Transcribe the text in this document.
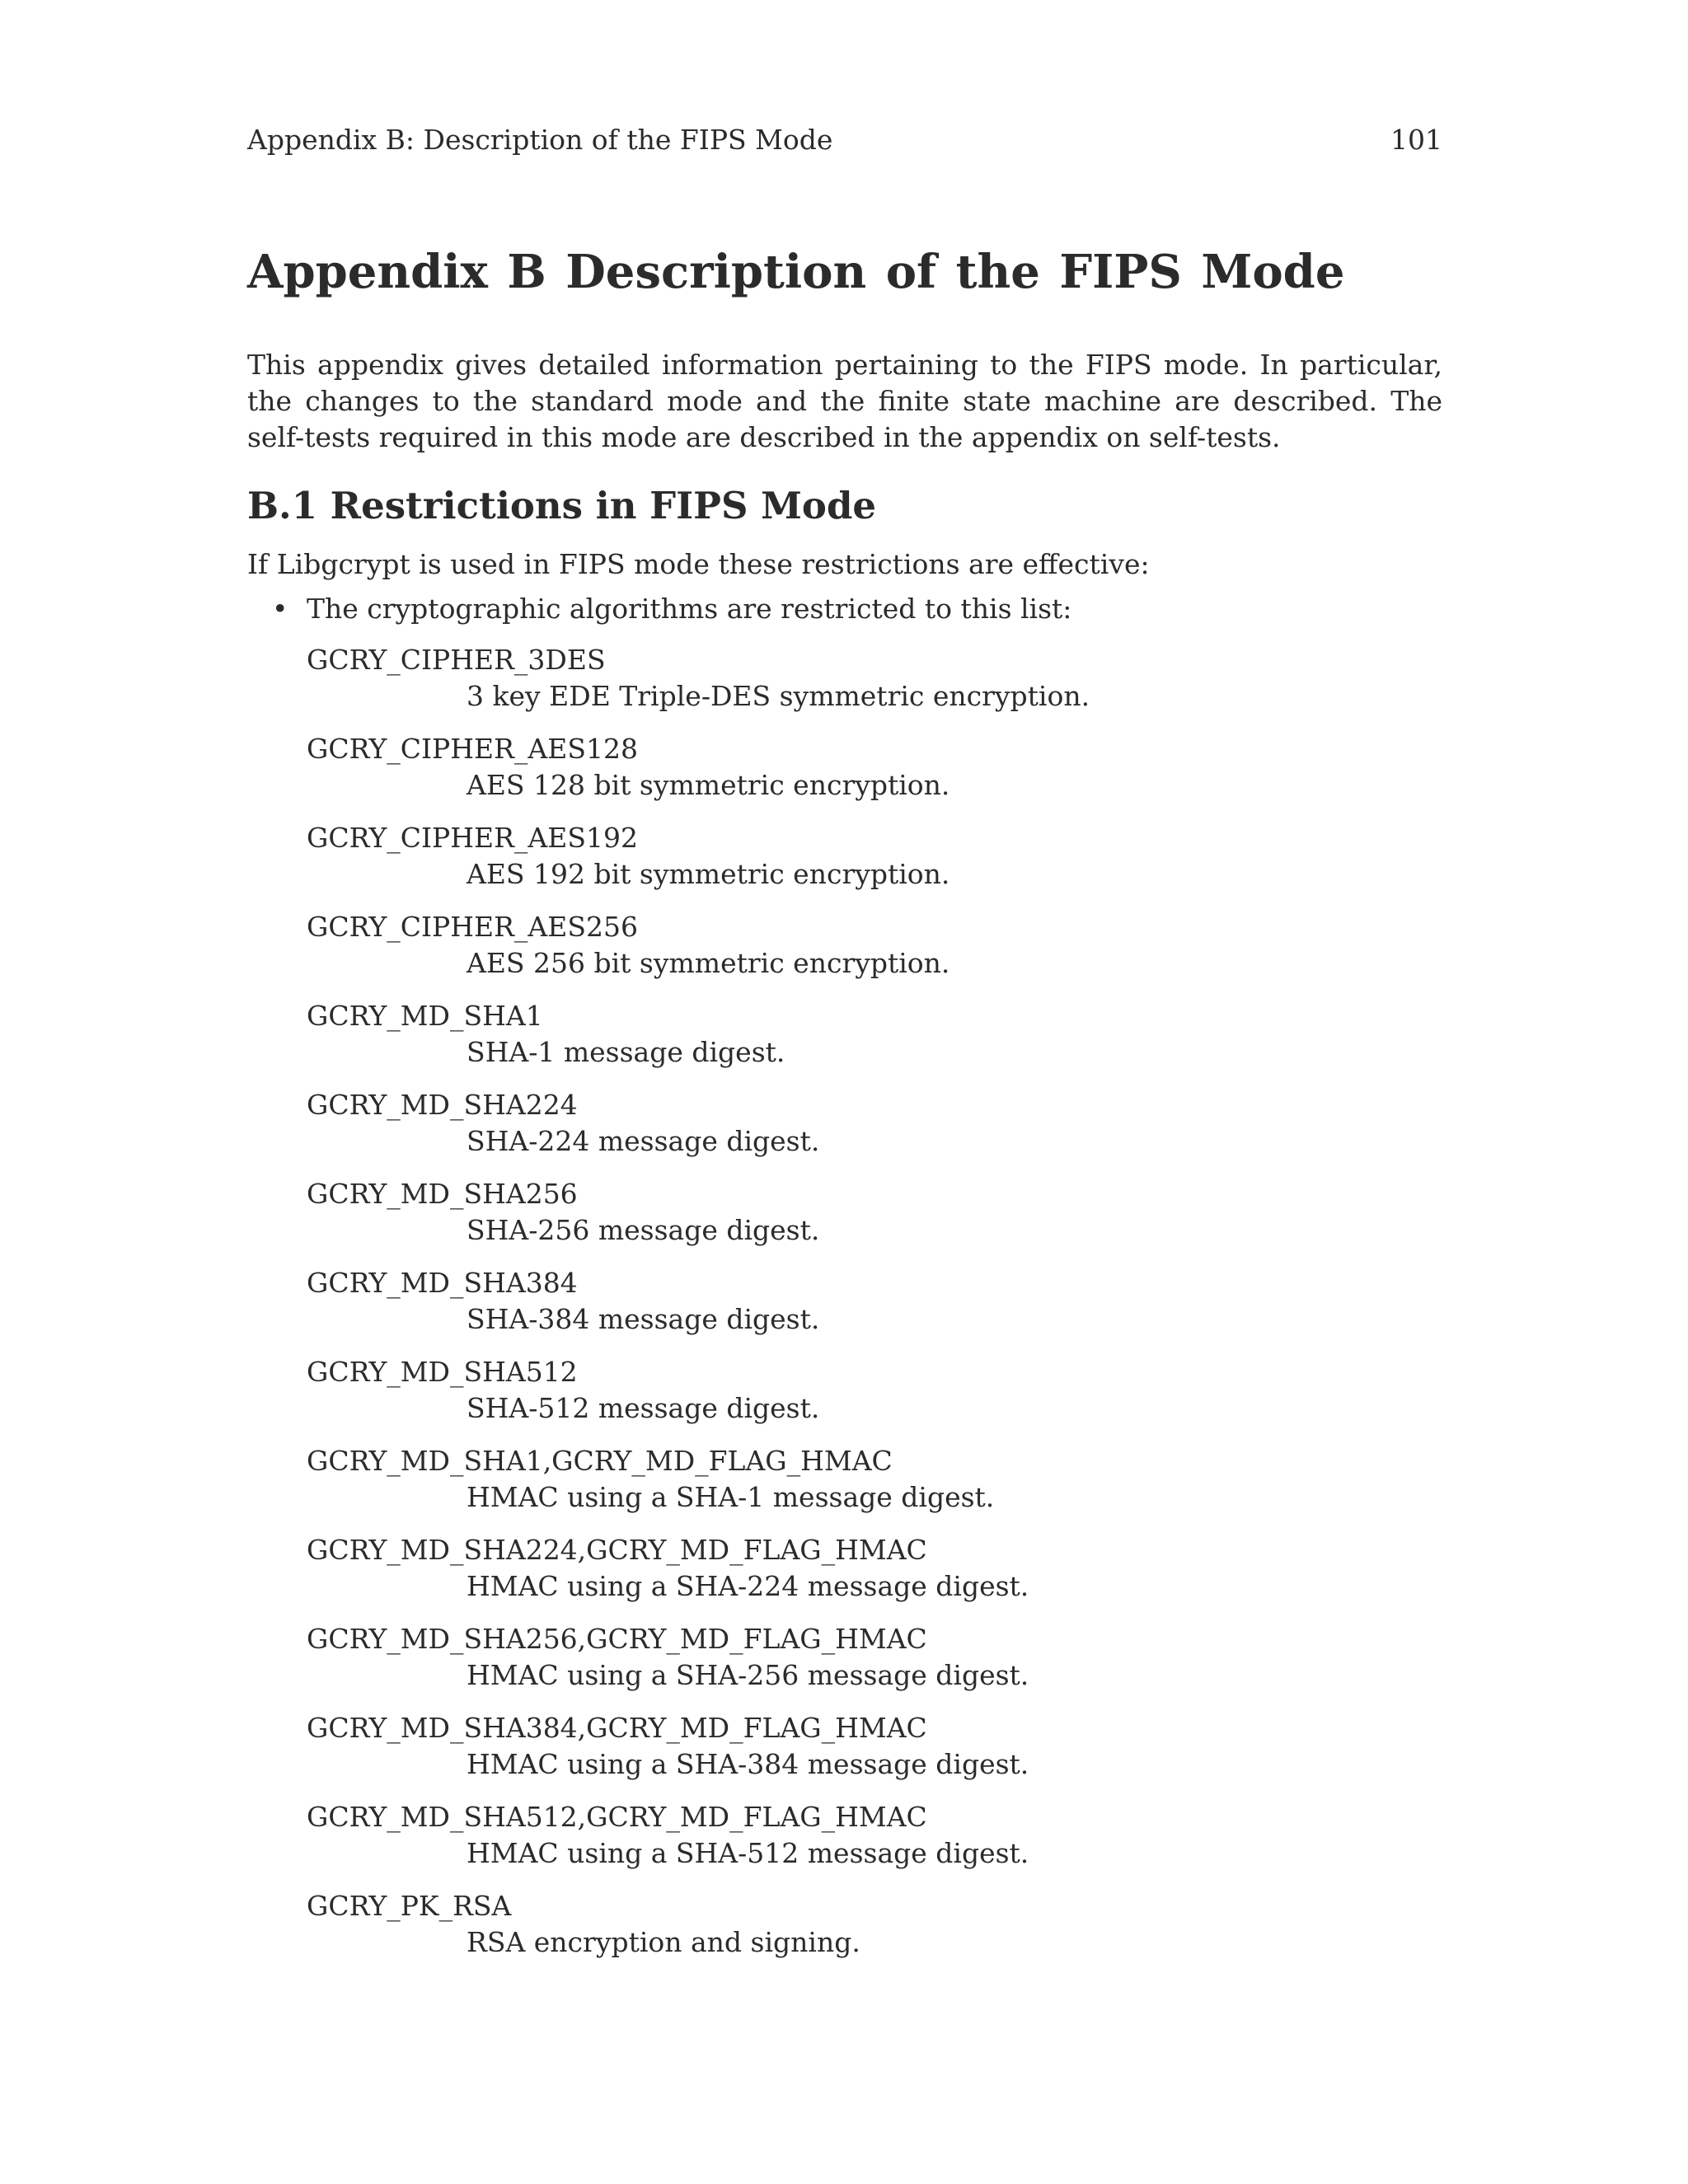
Appendix B: Description of the FIPS Mode	101
Appendix B Description of the FIPS Mode

This appendix gives detailed information pertaining to the FIPS mode. In particular, the changes to the standard mode and the finite state machine are described. The self-tests required in this mode are described in the appendix on self-tests.

B.1 Restrictions in FIPS Mode

If Libgcrypt is used in FIPS mode these restrictions are effective:

• The cryptographic algorithms are restricted to this list:
GCRY_CIPHER_3DES
3 key EDE Triple-DES symmetric encryption.
GCRY_CIPHER_AES128
AES 128 bit symmetric encryption.
GCRY_CIPHER_AES192
AES 192 bit symmetric encryption.
GCRY_CIPHER_AES256
AES 256 bit symmetric encryption.
GCRY_MD_SHA1
SHA-1 message digest.
GCRY_MD_SHA224
SHA-224 message digest.
GCRY_MD_SHA256
SHA-256 message digest.
GCRY_MD_SHA384
SHA-384 message digest.
GCRY_MD_SHA512
SHA-512 message digest.
GCRY_MD_SHA1,GCRY_MD_FLAG_HMAC
HMAC using a SHA-1 message digest.
GCRY_MD_SHA224,GCRY_MD_FLAG_HMAC
HMAC using a SHA-224 message digest.
GCRY_MD_SHA256,GCRY_MD_FLAG_HMAC
HMAC using a SHA-256 message digest.
GCRY_MD_SHA384,GCRY_MD_FLAG_HMAC
HMAC using a SHA-384 message digest.
GCRY_MD_SHA512,GCRY_MD_FLAG_HMAC
HMAC using a SHA-512 message digest.
GCRY_PK_RSA
RSA encryption and signing.
